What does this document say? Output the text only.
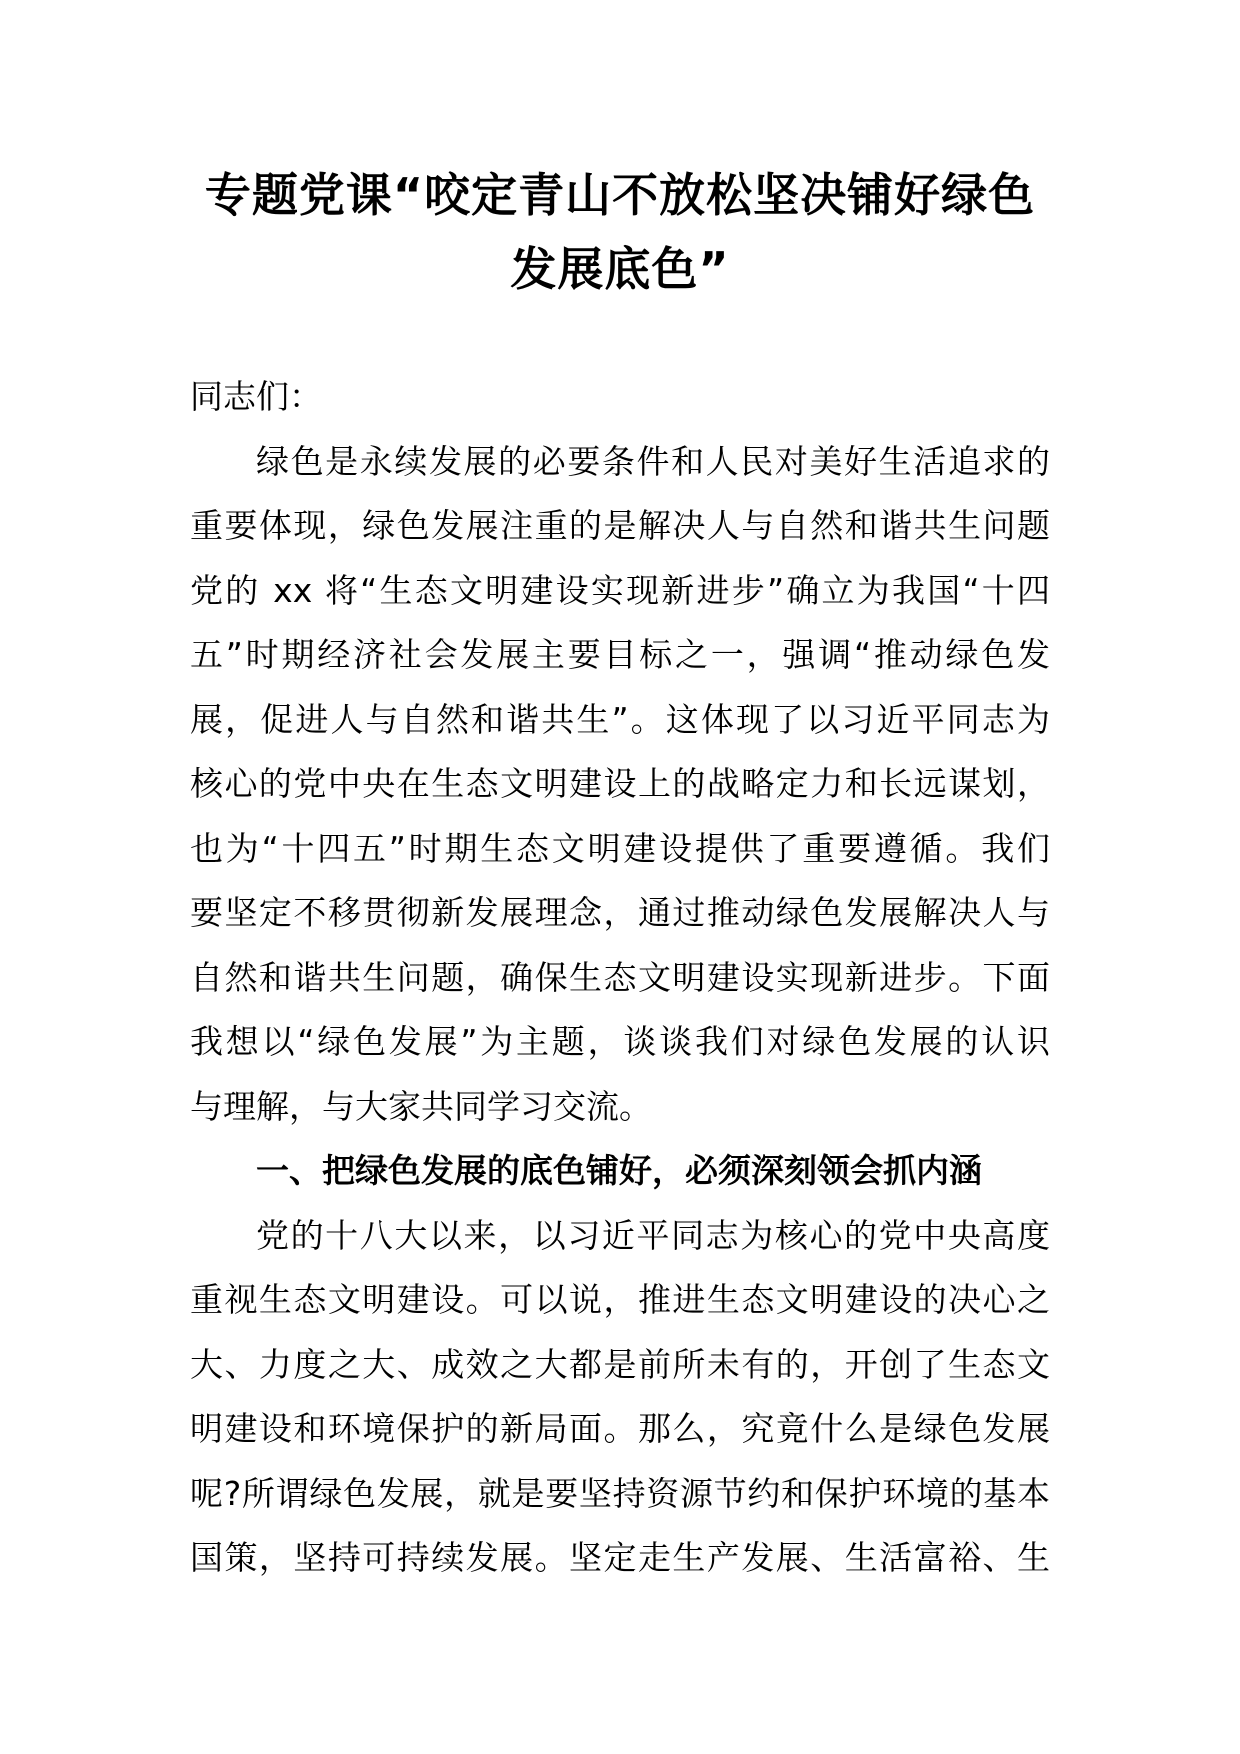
专题党课“咬定青山不放松坚决铺好绿色
发展底色”
同志们：
绿色是永续发展的必要条件和人民对美好生活追求的
重要体现，绿色发展注重的是解决人与自然和谐共生问题
党的 xx 将“生态文明建设实现新进步”确立为我国“十四
五”时期经济社会发展主要目标之一，强调“推动绿色发
展，促进人与自然和谐共生”。这体现了以习近平同志为
核心的党中央在生态文明建设上的战略定力和长远谋划，
也为“十四五”时期生态文明建设提供了重要遵循。我们
要坚定不移贯彻新发展理念，通过推动绿色发展解决人与
自然和谐共生问题，确保生态文明建设实现新进步。下面
我想以“绿色发展”为主题，谈谈我们对绿色发展的认识
与理解，与大家共同学习交流。
一、把绿色发展的底色铺好，必须深刻领会抓内涵
党的十八大以来，以习近平同志为核心的党中央高度
重视生态文明建设。可以说，推进生态文明建设的决心之
大、力度之大、成效之大都是前所未有的，开创了生态文
明建设和环境保护的新局面。那么，究竟什么是绿色发展
呢?所谓绿色发展，就是要坚持资源节约和保护环境的基本
国策，坚持可持续发展。坚定走生产发展、生活富裕、生
